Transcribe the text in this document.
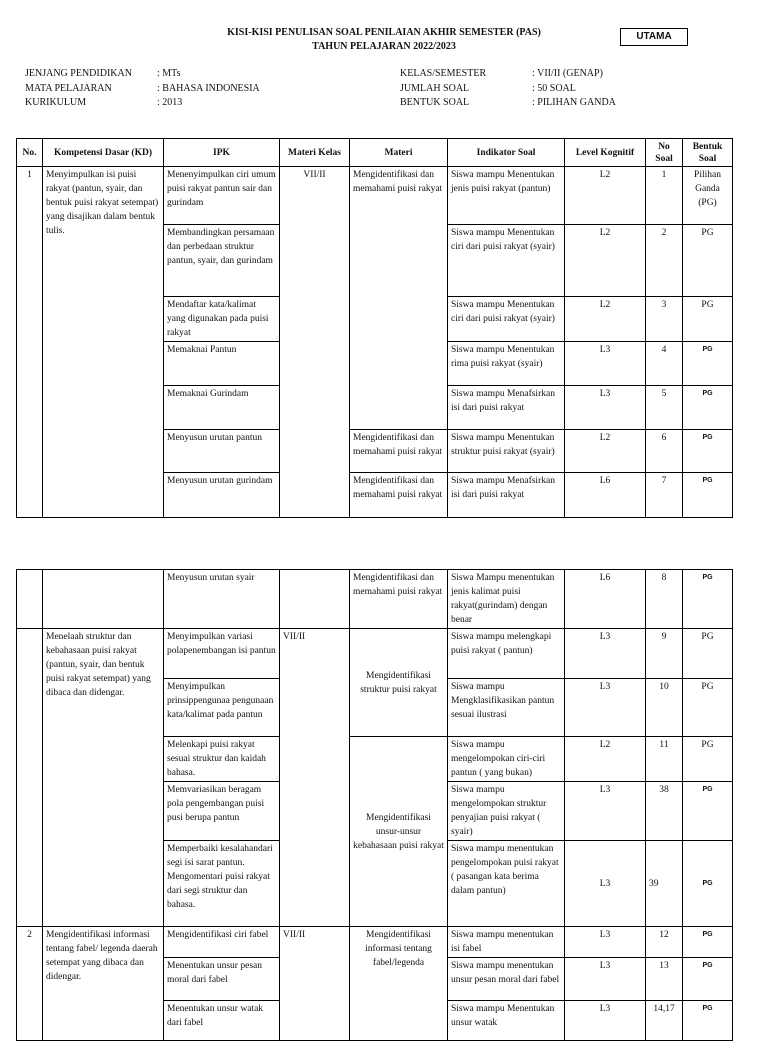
KISI-KISI PENULISAN SOAL PENILAIAN AKHIR SEMESTER (PAS)
TAHUN PELAJARAN 2022/2023
UTAMA
JENJANG PENDIDIKAN	: MTs
MATA PELAJARAN	: BAHASA INDONESIA
KURIKULUM	: 2013
KELAS/SEMESTER	: VII/II (GENAP)
JUMLAH SOAL	: 50 SOAL
BENTUK SOAL	: PILIHAN GANDA
No.	Kompetensi Dasar (KD)	IPK	Materi Kelas	Materi	Indikator Soal	Level Kognitif	No Soal	Bentuk Soal
1	Menyimpulkan isi puisi rakyat (pantun, syair, dan bentuk puisi rakyat setempat) yang disajikan dalam bentuk tulis.	Menenyimpulkan ciri umum puisi rakyat pantun sair dan gurindam	VII/II	Mengidentifikasi dan memahami puisi rakyat	Siswa mampu Menentukan jenis puisi rakyat (pantun)	L2	1	Pilihan Ganda (PG)
		Membandingkan persamaan dan perbedaan struktur pantun, syair, dan gurindam			Siswa mampu Menentukan ciri dari puisi rakyat (syair)	L2	2	PG
		Mendaftar kata/kalimat yang digunakan pada puisi rakyat			Siswa mampu Menentukan ciri dari puisi rakyat (syair)	L2	3	PG
		Memaknai Pantun			Siswa mampu Menentukan rima puisi rakyat (syair)	L3	4	PG
		Memaknai Gurindam			Siswa mampu Menafsirkan isi dari puisi rakyat	L3	5	PG
		Menyusun urutan pantun		Mengidentifikasi dan memahami puisi rakyat	Siswa mampu Menentukan struktur puisi rakyat (syair)	L2	6	PG
		Menyusun urutan gurindam		Mengidentifikasi dan memahami puisi rakyat	Siswa mampu Menafsirkan isi dari puisi rakyat	L6	7	PG
		Menyusun urutan syair		Mengidentifikasi dan memahami puisi rakyat	Siswa Mampu menentukan jenis kalimat puisi rakyat(gurindam) dengan benar	L6	8	PG
	Menelaah struktur dan kebahasaan puisi rakyat (pantun, syair, dan bentuk puisi rakyat setempat) yang dibaca dan didengar.	Menyimpulkan variasi polapenembangan isi pantun	VII/II	Mengidentifikasi struktur puisi rakyat	Siswa mampu melengkapi puisi rakyat ( pantun)	L3	9	PG
		Menyimpulkan prinsippengunaa pengunaan kata/kalimat pada pantun			Siswa mampu Mengklasifikasikan pantun sesuai ilustrasi	L3	10	PG
		Melenkapi puisi rakyat sesuai struktur dan kaidah bahasa.		Mengidentifikasi unsur-unsur kebahasaan puisi rakyat	Siswa mampu mengelompokan ciri-ciri pantun ( yang bukan)	L2	11	PG
		Memvariasikan beragam pola pengembangan puisi pusi berupa pantun			Siswa mampu mengelompokan struktur penyajian puisi rakyat ( syair)	L3	38	PG
		Memperbaiki kesalahandari segi isi sarat pantun. Mengomentari puisi rakyat dari segi struktur dan bahasa.			Siswa mampu menentukan pengelompokan puisi rakyat ( pasangan kata berima dalam pantun)	L3	39	PG
2	Mengidentifikasi informasi tentang fabel/ legenda daerah setempat yang dibaca dan didengar.	Mengidentifikasi ciri fabel	VII/II	Mengidentifikasi informasi tentang fabel/legenda	Siswa mampu menentukan isi fabel	L3	12	PG
		Menentukan unsur pesan moral dari fabel			Siswa mampu menentukan unsur pesan moral dari fabel	L3	13	PG
		Menentukan unsur watak dari fabel			Siswa mampu Menentukan unsur watak	L3	14,17	PG
